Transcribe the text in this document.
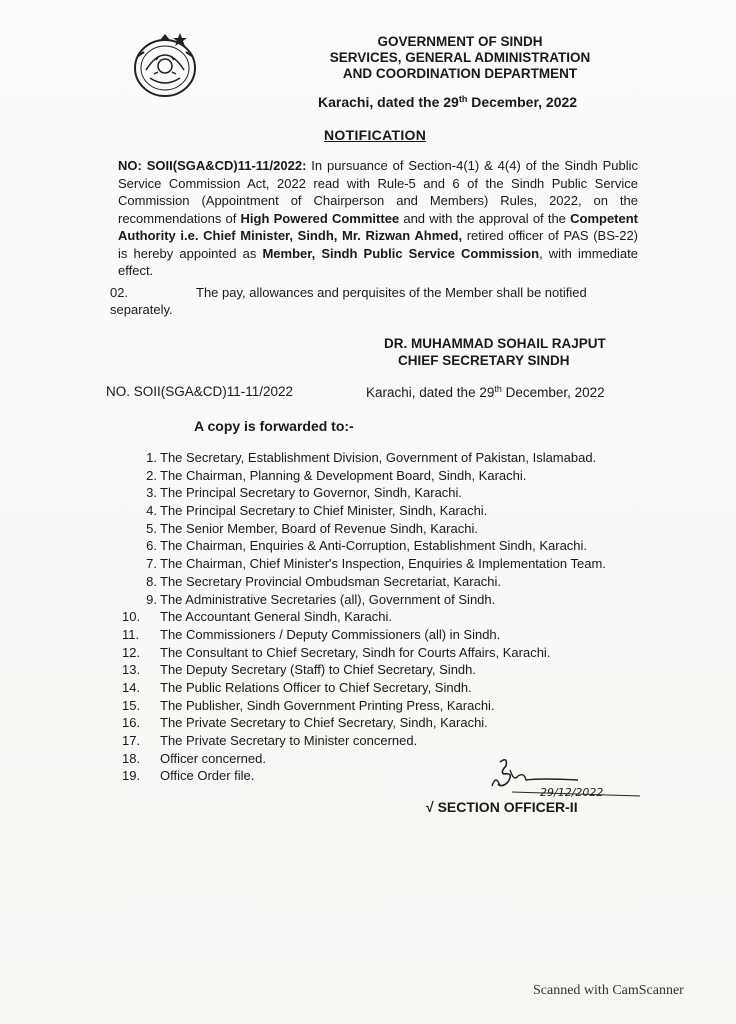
GOVERNMENT OF SINDH
SERVICES, GENERAL ADMINISTRATION
AND COORDINATION DEPARTMENT
Karachi, dated the 29th December, 2022
NOTIFICATION
NO: SOII(SGA&CD)11-11/2022: In pursuance of Section-4(1) & 4(4) of the Sindh Public Service Commission Act, 2022 read with Rule-5 and 6 of the Sindh Public Service Commission (Appointment of Chairperson and Members) Rules, 2022, on the recommendations of High Powered Committee and with the approval of the Competent Authority i.e. Chief Minister, Sindh, Mr. Rizwan Ahmed, retired officer of PAS (BS-22) is hereby appointed as Member, Sindh Public Service Commission, with immediate effect.
02.	The pay, allowances and perquisites of the Member shall be notified separately.
DR. MUHAMMAD SOHAIL RAJPUT
CHIEF SECRETARY SINDH
NO. SOII(SGA&CD)11-11/2022	Karachi, dated the 29th December, 2022
A copy is forwarded to:-
1. The Secretary, Establishment Division, Government of Pakistan, Islamabad.
2. The Chairman, Planning & Development Board, Sindh, Karachi.
3. The Principal Secretary to Governor, Sindh, Karachi.
4. The Principal Secretary to Chief Minister, Sindh, Karachi.
5. The Senior Member, Board of Revenue Sindh, Karachi.
6. The Chairman, Enquiries & Anti-Corruption, Establishment Sindh, Karachi.
7. The Chairman, Chief Minister's Inspection, Enquiries & Implementation Team.
8. The Secretary Provincial Ombudsman Secretariat, Karachi.
9. The Administrative Secretaries (all), Government of Sindh.
10.	The Accountant General Sindh, Karachi.
11.	The Commissioners / Deputy Commissioners (all) in Sindh.
12.	The Consultant to Chief Secretary, Sindh for Courts Affairs, Karachi.
13.	The Deputy Secretary (Staff) to Chief Secretary, Sindh.
14.	The Public Relations Officer to Chief Secretary, Sindh.
15.	The Publisher, Sindh Government Printing Press, Karachi.
16.	The Private Secretary to Chief Secretary, Sindh, Karachi.
17.	The Private Secretary to Minister concerned.
18.	Officer concerned.
19.	Office Order file.
29/12/2022
√ SECTION OFFICER-II
Scanned with CamScanner
